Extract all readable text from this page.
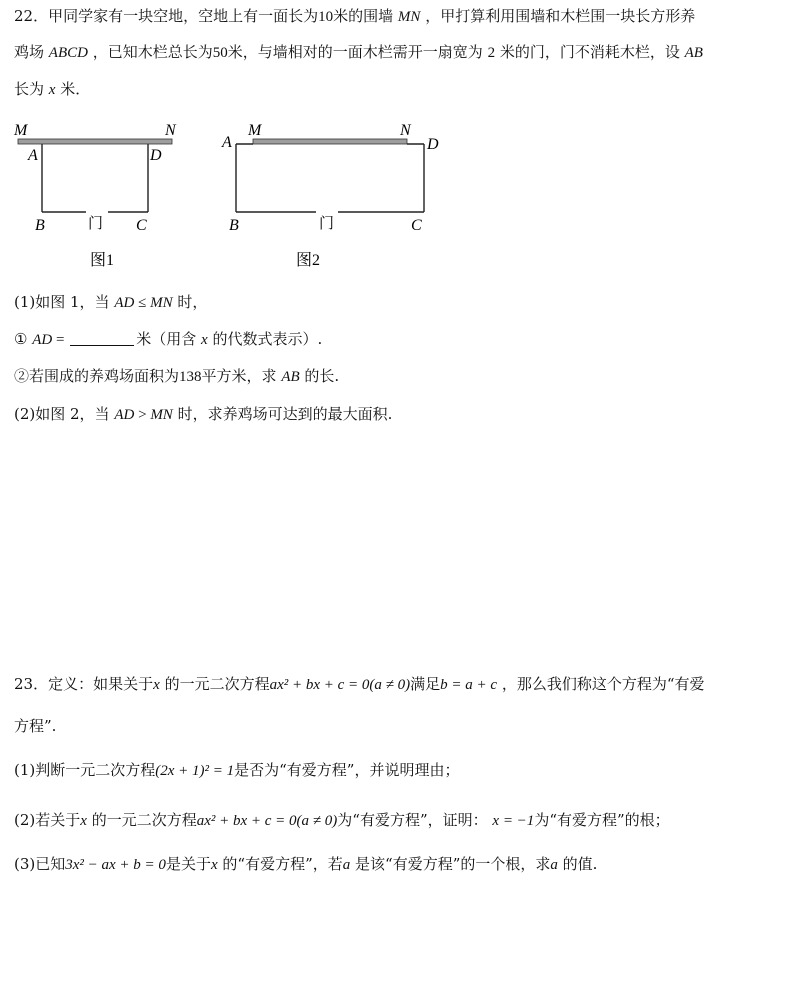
22．甲同学家有一块空地，空地上有一面长为10米的围墙 MN ，甲打算利用围墙和木栏围一块长方形养
鸡场 ABCD ，已知木栏总长为50米，与墙相对的一面木栏需开一扇宽为 2 米的门，门不消耗木栏，设 AB
长为 x 米．
M	N
A	D
B	C
门
图1
M	N
A	D
B	C
门
图2
(1)如图 1，当 AD ≤ MN 时，
① AD =	米（用含 x 的代数式表示）.
②若围成的养鸡场面积为138平方米，求 AB 的长.
(2)如图 2，当 AD > MN 时，求养鸡场可达到的最大面积.
23．定义：如果关于x 的一元二次方程ax² + bx + c = 0(a ≠ 0)满足b = a + c ，那么我们称这个方程为“有爱
方程”.
(1)判断一元二次方程(2x + 1)² = 1是否为“有爱方程”，并说明理由；
(2)若关于x 的一元二次方程ax² + bx + c = 0(a ≠ 0)为“有爱方程”，证明： x = −1为“有爱方程”的根；
(3)已知3x² − ax + b = 0是关于x 的“有爱方程”，若a 是该“有爱方程”的一个根，求a 的值.
